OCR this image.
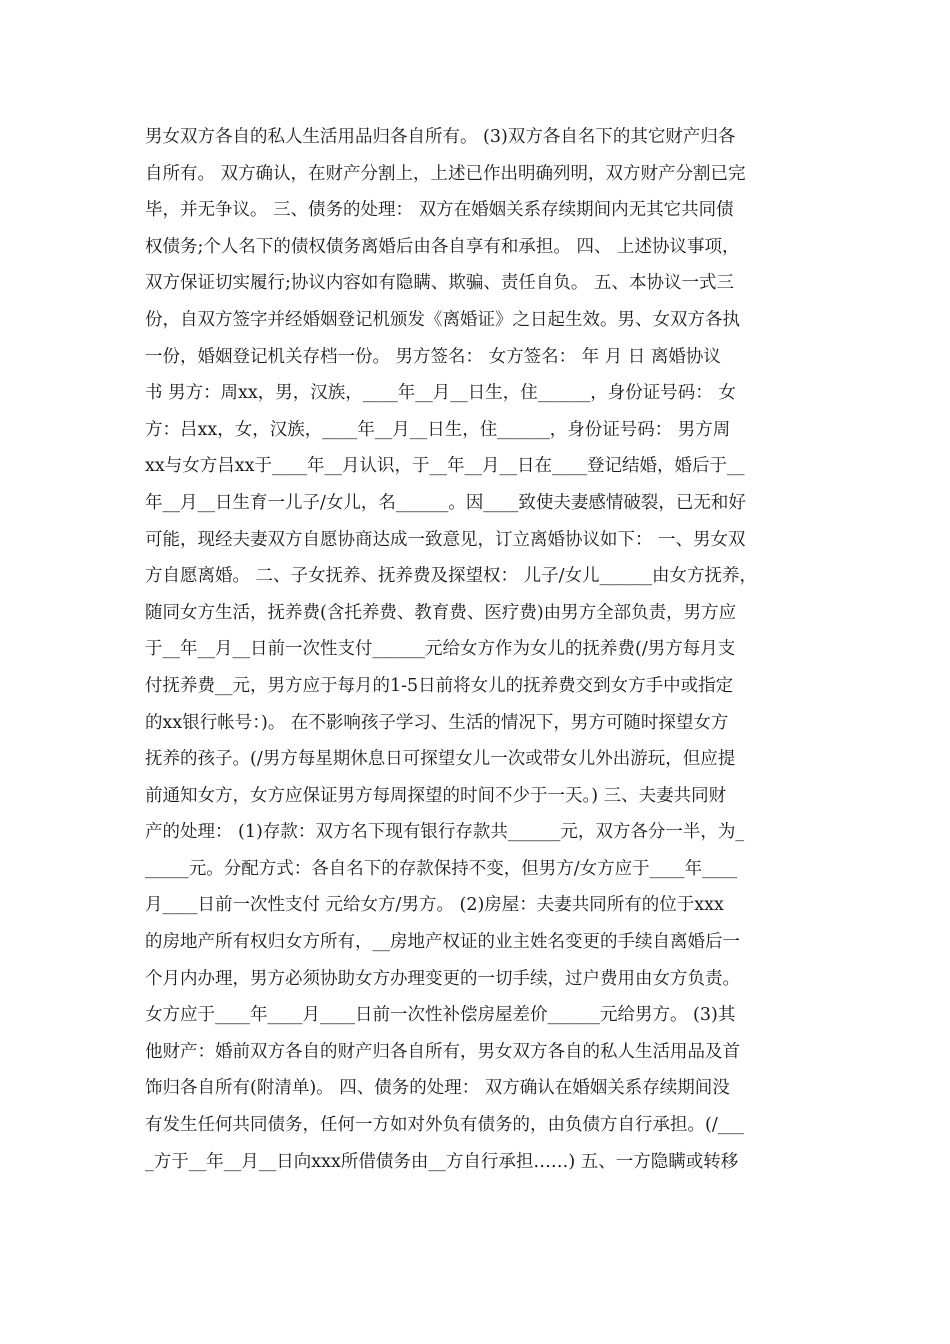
男女双方各自的私人生活用品归各自所有。 (3)双方各自名下的其它财产归各
自所有。 双方确认，在财产分割上，上述已作出明确列明，双方财产分割已完
毕，并无争议。 三、债务的处理： 双方在婚姻关系存续期间内无其它共同债
权债务;个人名下的债权债务离婚后由各自享有和承担。 四、 上述协议事项，
双方保证切实履行;协议内容如有隐瞒、欺骗、责任自负。 五、本协议一式三
份，自双方签字并经婚姻登记机颁发《离婚证》之日起生效。男、女双方各执
一份，婚姻登记机关存档一份。 男方签名： 女方签名： 年 月 日 离婚协议
书 男方：周xx，男，汉族，____年__月__日生，住______，身份证号码： 女
方：吕xx，女，汉族，____年__月__日生，住______，身份证号码： 男方周
xx与女方吕xx于____年__月认识，于__年__月__日在____登记结婚，婚后于__
年__月__日生育一儿子/女儿，名______。因____致使夫妻感情破裂，已无和好
可能，现经夫妻双方自愿协商达成一致意见，订立离婚协议如下： 一、男女双
方自愿离婚。 二、子女抚养、抚养费及探望权： 儿子/女儿______由女方抚养，
随同女方生活，抚养费(含托养费、教育费、医疗费)由男方全部负责，男方应
于__年__月__日前一次性支付______元给女方作为女儿的抚养费(/男方每月支
付抚养费__元，男方应于每月的1-5日前将女儿的抚养费交到女方手中或指定
的xx银行帐号：)。 在不影响孩子学习、生活的情况下，男方可随时探望女方
抚养的孩子。(/男方每星期休息日可探望女儿一次或带女儿外出游玩，但应提
前通知女方，女方应保证男方每周探望的时间不少于一天。) 三、夫妻共同财
产的处理： (1)存款：双方名下现有银行存款共______元，双方各分一半，为_
_____元。分配方式：各自名下的存款保持不变，但男方/女方应于____年____
月____日前一次性支付 元给女方/男方。 (2)房屋：夫妻共同所有的位于xxx
的房地产所有权归女方所有，__房地产权证的业主姓名变更的手续自离婚后一
个月内办理，男方必须协助女方办理变更的一切手续，过户费用由女方负责。
女方应于____年____月____日前一次性补偿房屋差价______元给男方。 (3)其
他财产：婚前双方各自的财产归各自所有，男女双方各自的私人生活用品及首
饰归各自所有(附清单)。 四、债务的处理： 双方确认在婚姻关系存续期间没
有发生任何共同债务，任何一方如对外负有债务的，由负债方自行承担。(/___
_方于__年__月__日向xxx所借债务由__方自行承担……) 五、一方隐瞒或转移
